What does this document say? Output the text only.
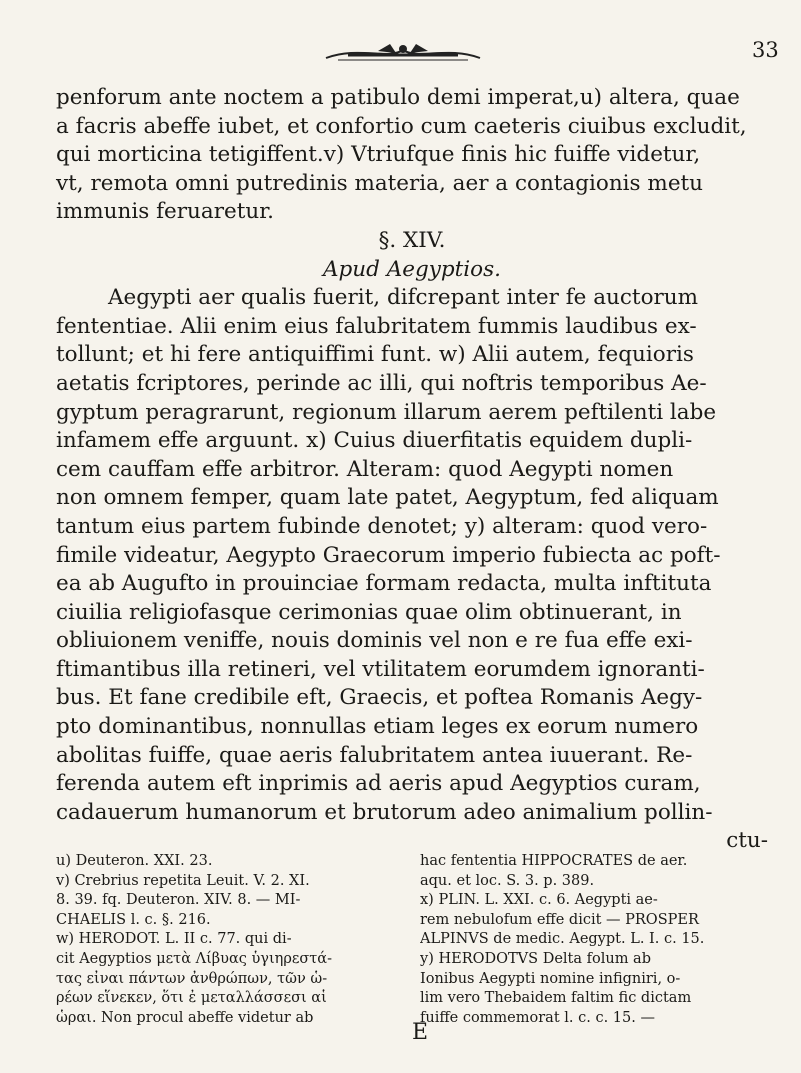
33
penforum ante noctem a patibulo demi imperat,u) altera, quae
a facris abeffe iubet, et confortio cum caeteris ciuibus excludit,
qui morticina tetigiffent.v) Vtriufque finis hic fuiffe videtur,
vt, remota omni putredinis materia, aer a contagionis metu
immunis feruaretur.
§. XIV.
Apud Aegyptios.
Aegypti aer qualis fuerit, difcrepant inter fe auctorum
fententiae. Alii enim eius falubritatem fummis laudibus ex-
tollunt; et hi fere antiquiffimi funt. w) Alii autem, fequioris
aetatis fcriptores, perinde ac illi, qui noftris temporibus Ae-
gyptum peragrarunt, regionum illarum aerem peftilenti labe
infamem effe arguunt. x) Cuius diuerfitatis equidem dupli-
cem cauffam effe arbitror. Alteram: quod Aegypti nomen
non omnem femper, quam late patet, Aegyptum, fed aliquam
tantum eius partem fubinde denotet; y) alteram: quod vero-
fimile videatur, Aegypto Graecorum imperio fubiecta ac poft-
ea ab Augufto in prouinciae formam redacta, multa inftituta
ciuilia religiofasque cerimonias quae olim obtinuerant, in
obliuionem veniffe, nouis dominis vel non e re fua effe exi-
ftimantibus illa retineri, vel vtilitatem eorumdem ignoranti-
bus. Et fane credibile eft, Graecis, et poftea Romanis Aegy-
pto dominantibus, nonnullas etiam leges ex eorum numero
abolitas fuiffe, quae aeris falubritatem antea iuuerant. Re-
ferenda autem eft inprimis ad aeris apud Aegyptios curam,
cadauerum humanorum et brutorum adeo animalium pollin-
ctu-
u) Deuteron. XXI. 23.
v) Crebrius repetita Leuit. V. 2. XI.
8. 39. fq. Deuteron. XIV. 8. — MI-
CHAELIS l. c. §. 216.
w) HERODOT. L. II c. 77. qui di-
cit Aegyptios μετὰ Λίβυας ὑγιηρεστά-
τας εἶναι πάντων ἀνθρώπων, τῶν ὡ-
ρέων εἵνεκεν, ὅτι ἐ μεταλλάσσεσι αἱ
ὧραι. Non procul abeffe videtur ab
hac fententia HIPPOCRATES de aer.
aqu. et loc. S. 3. p. 389.
x) PLIN. L. XXI. c. 6. Aegypti ae-
rem nebulofum effe dicit — PROSPER
ALPINVS de medic. Aegypt. L. I. c. 15.
y) HERODOTVS Delta folum ab
Ionibus Aegypti nomine infigniri, o-
lim vero Thebaidem faltim fic dictam
fuiffe commemorat l. c. c. 15. —
E
